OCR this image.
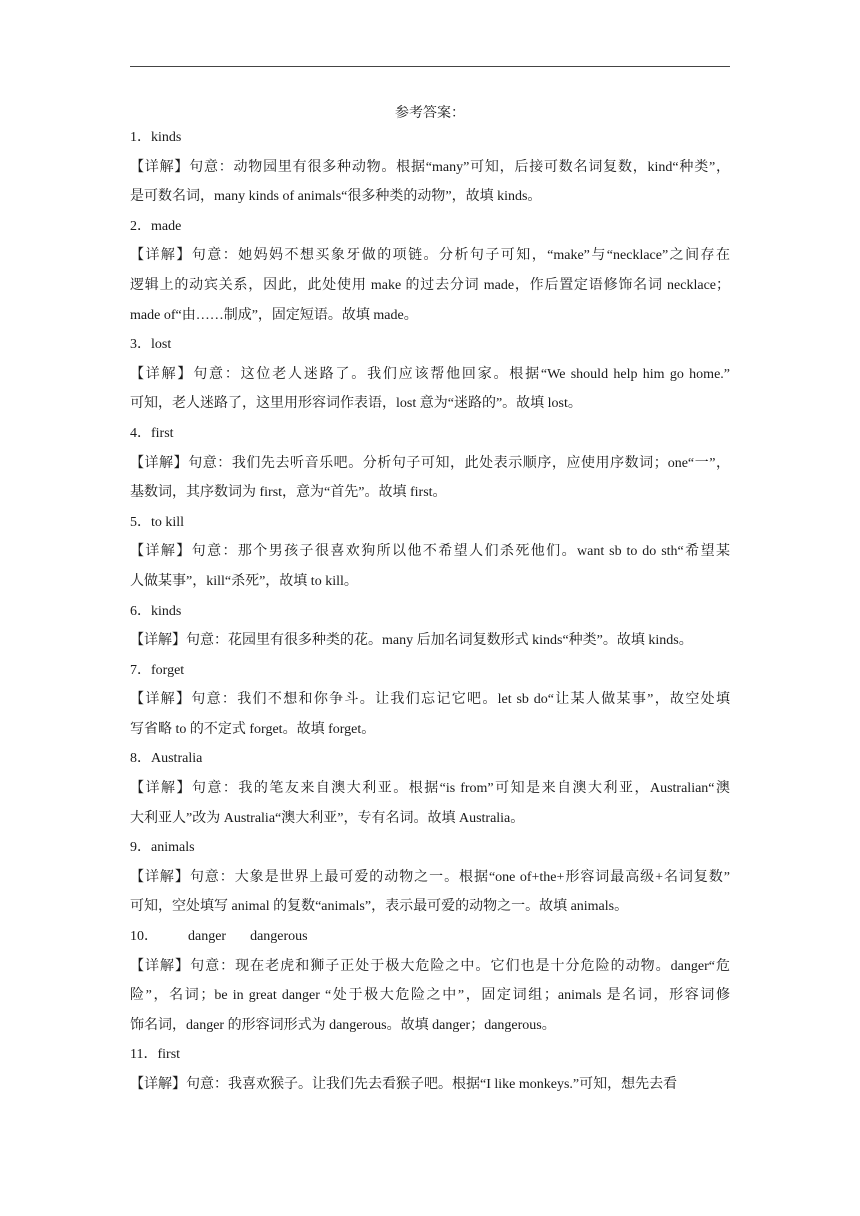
参考答案：
1．kinds
【详解】句意：动物园里有很多种动物。根据“many”可知，后接可数名词复数，kind“种类”，
是可数名词，many kinds of animals“很多种类的动物”，故填 kinds。
2．made
【详解】句意：她妈妈不想买象牙做的项链。分析句子可知，“make”与“necklace”之间存在
逻辑上的动宾关系，因此，此处使用 make 的过去分词 made，作后置定语修饰名词 necklace；
made of“由……制成”，固定短语。故填 made。
3．lost
【详解】句意：这位老人迷路了。我们应该帮他回家。根据“We should help him go home.”
可知，老人迷路了，这里用形容词作表语，lost 意为“迷路的”。故填 lost。
4．first
【详解】句意：我们先去听音乐吧。分析句子可知，此处表示顺序，应使用序数词；one“一”，
基数词，其序数词为 first，意为“首先”。故填 first。
5．to kill
【详解】句意：那个男孩子很喜欢狗所以他不希望人们杀死他们。want sb to do sth“希望某
人做某事”，kill“杀死”，故填 to kill。
6．kinds
【详解】句意：花园里有很多种类的花。many 后加名词复数形式 kinds“种类”。故填 kinds。
7．forget
【详解】句意：我们不想和你争斗。让我们忘记它吧。let sb do“让某人做某事”，故空处填
写省略 to 的不定式 forget。故填 forget。
8．Australia
【详解】句意：我的笔友来自澳大利亚。根据“is from”可知是来自澳大利亚，Australian“澳
大利亚人”改为 Australia“澳大利亚”，专有名词。故填 Australia。
9．animals
【详解】句意：大象是世界上最可爱的动物之一。根据“one of+the+形容词最高级+名词复数”
可知，空处填写 animal 的复数“animals”，表示最可爱的动物之一。故填 animals。
10． danger dangerous
【详解】句意：现在老虎和狮子正处于极大危险之中。它们也是十分危险的动物。danger“危
险”，名词；be in great danger “处于极大危险之中”，固定词组；animals 是名词，形容词修
饰名词，danger 的形容词形式为 dangerous。故填 danger；dangerous。
11．first
【详解】句意：我喜欢猴子。让我们先去看猴子吧。根据“I like monkeys.”可知，想先去看
